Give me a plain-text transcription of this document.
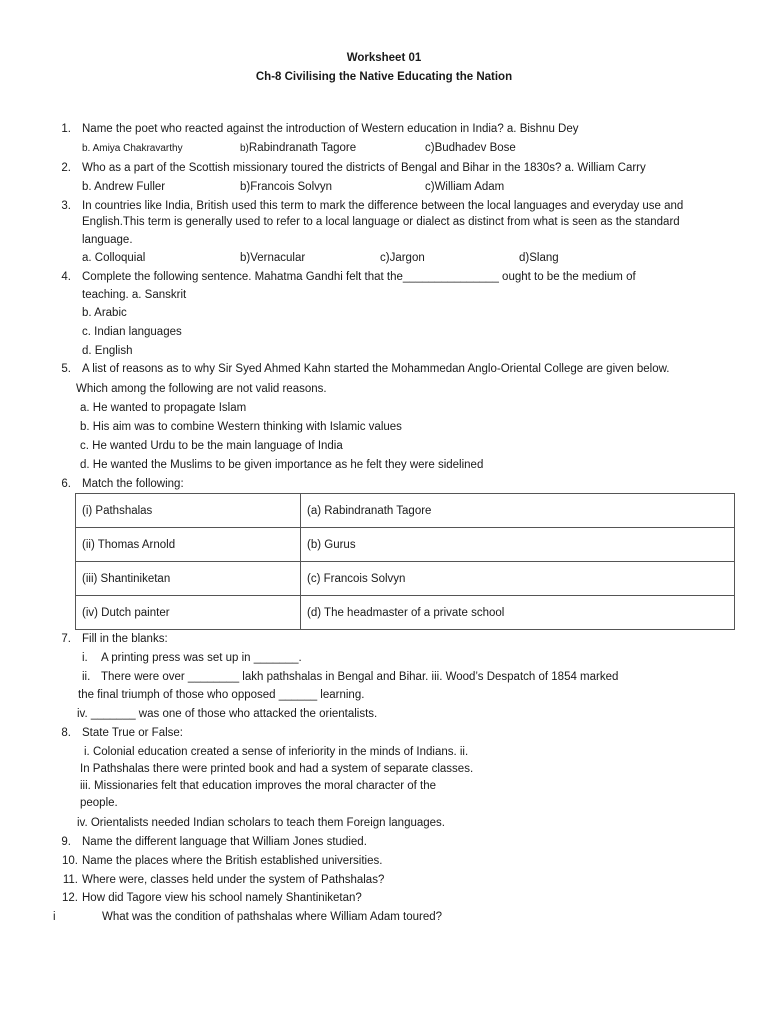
Worksheet 01
Ch-8 Civilising the Native Educating the Nation
1. Name the poet who reacted against the introduction of Western education in India? a. Bishnu Dey
b. Amiya Chakravarthy	b)Rabindranath Tagore	c)Budhadev Bose
2. Who as a part of the Scottish missionary toured the districts of Bengal and Bihar in the 1830s? a. William Carry
b. Andrew Fuller	b)Francois Solvyn	c)William Adam
3. In countries like India, British used this term to mark the difference between the local languages and everyday use and
English.This term is generally used to refer to a local language or dialect as distinct from what is seen as the standard
language.
a. Colloquial	b)Vernacular	c)Jargon	d)Slang
4. Complete the following sentence. Mahatma Gandhi felt that the_______________ ought to be the medium of
teaching. a. Sanskrit
b. Arabic
c. Indian languages
d. English
5. A list of reasons as to why Sir Syed Ahmed Kahn started the Mohammedan Anglo-Oriental College are given below.
Which among the following are not valid reasons.
a. He wanted to propagate Islam
b. His aim was to combine Western thinking with Islamic values
c. He wanted Urdu to be the main language of India
d. He wanted the Muslims to be given importance as he felt they were sidelined
6. Match the following:
(i) Pathshalas	(a) Rabindranath Tagore
(ii) Thomas Arnold	(b) Gurus
(iii) Shantiniketan	(c) Francois Solvyn
(iv) Dutch painter	(d) The headmaster of a private school
7. Fill in the blanks:
i. A printing press was set up in _______.
ii. There were over ________ lakh pathshalas in Bengal and Bihar. iii. Wood’s Despatch of 1854 marked
the final triumph of those who opposed ______ learning.
iv. _______ was one of those who attacked the orientalists.
8. State True or False:
i. Colonial education created a sense of inferiority in the minds of Indians. ii.
In Pathshalas there were printed book and had a system of separate classes.
iii. Missionaries felt that education improves the moral character of the
people.
iv. Orientalists needed Indian scholars to teach them Foreign languages.
9. Name the different language that William Jones studied.
10. Name the places where the British established universities.
11. Where were, classes held under the system of Pathshalas?
12. How did Tagore view his school namely Shantiniketan?
i	What was the condition of pathshalas where William Adam toured?
